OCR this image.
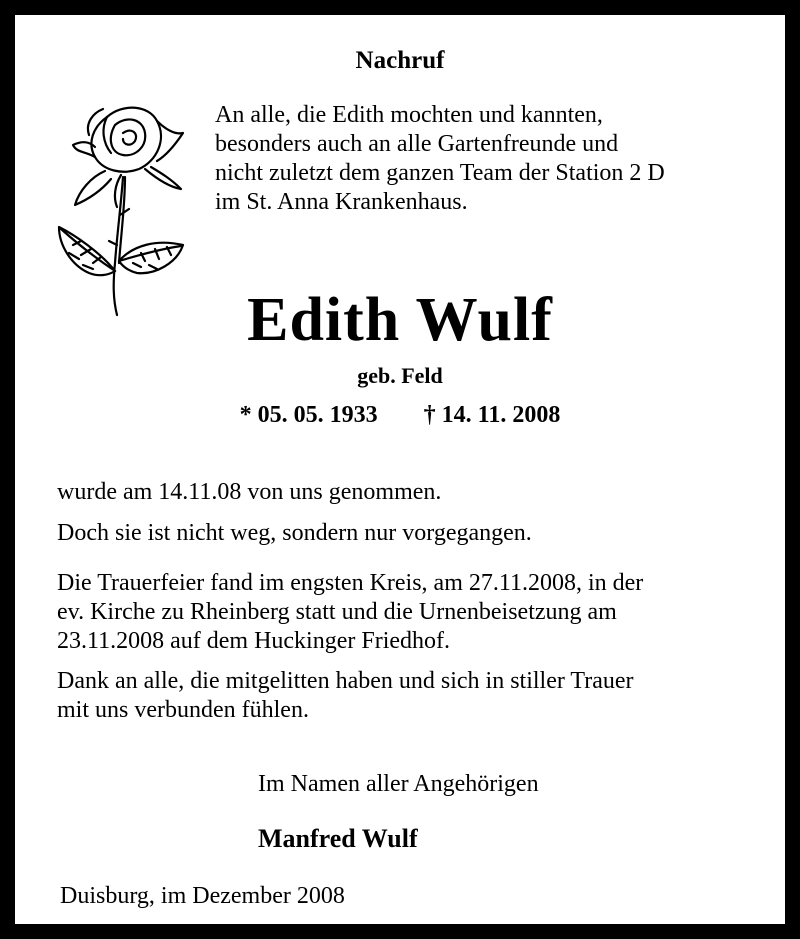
Nachruf
An alle, die Edith mochten und kannten,
besonders auch an alle Gartenfreunde und
nicht zuletzt dem ganzen Team der Station 2 D
im St. Anna Krankenhaus.
Edith Wulf
geb. Feld
* 05. 05. 1933 † 14. 11. 2008
wurde am 14.11.08 von uns genommen.
Doch sie ist nicht weg, sondern nur vorgegangen.
Die Trauerfeier fand im engsten Kreis, am 27.11.2008, in der
ev. Kirche zu Rheinberg statt und die Urnenbeisetzung am
23.11.2008 auf dem Huckinger Friedhof.
Dank an alle, die mitgelitten haben und sich in stiller Trauer
mit uns verbunden fühlen.
Im Namen aller Angehörigen
Manfred Wulf
Duisburg, im Dezember 2008
